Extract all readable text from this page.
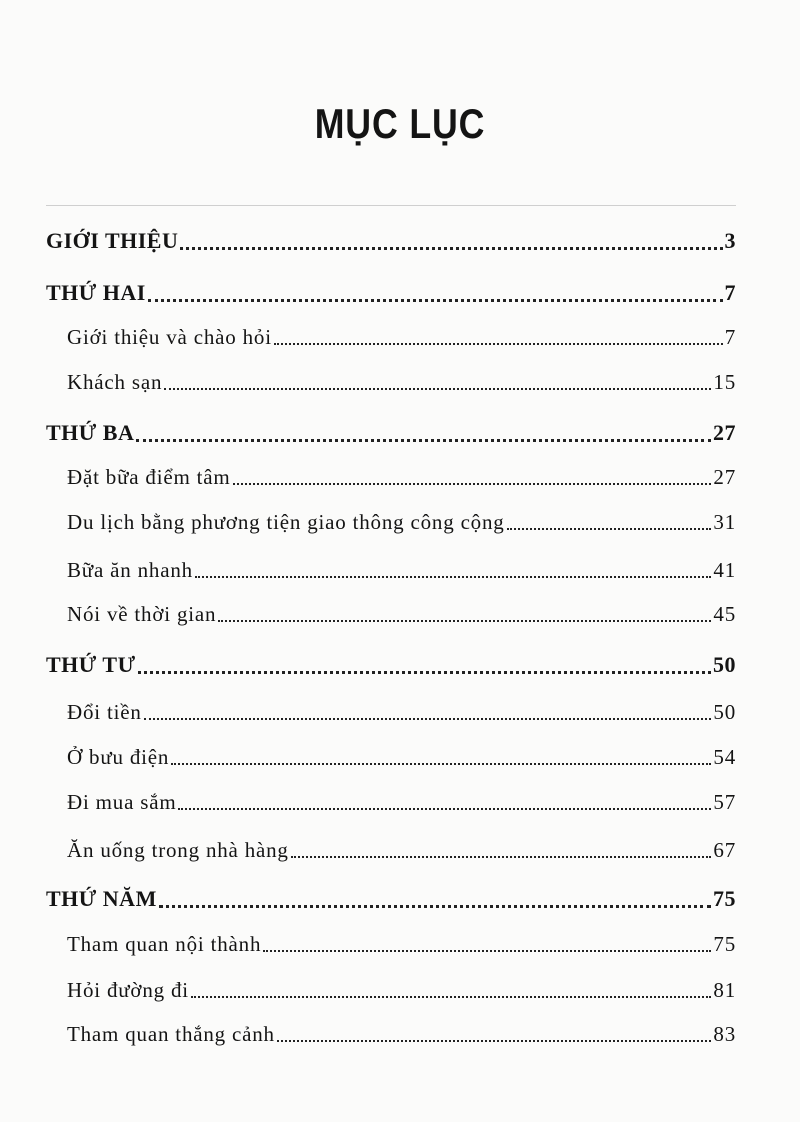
MỤC LỤC
GIỚI THIỆU	3
THỨ HAI	7
Giới thiệu và chào hỏi	7
Khách sạn	15
THỨ BA	27
Đặt bữa điểm tâm	27
Du lịch bằng phương tiện giao thông công cộng	31
Bữa ăn nhanh	41
Nói về thời gian	45
THỨ TƯ	50
Đổi tiền	50
Ở bưu điện	54
Đi mua sắm	57
Ăn uống trong nhà hàng	67
THỨ NĂM	75
Tham quan nội thành	75
Hỏi đường đi	81
Tham quan thắng cảnh	83
